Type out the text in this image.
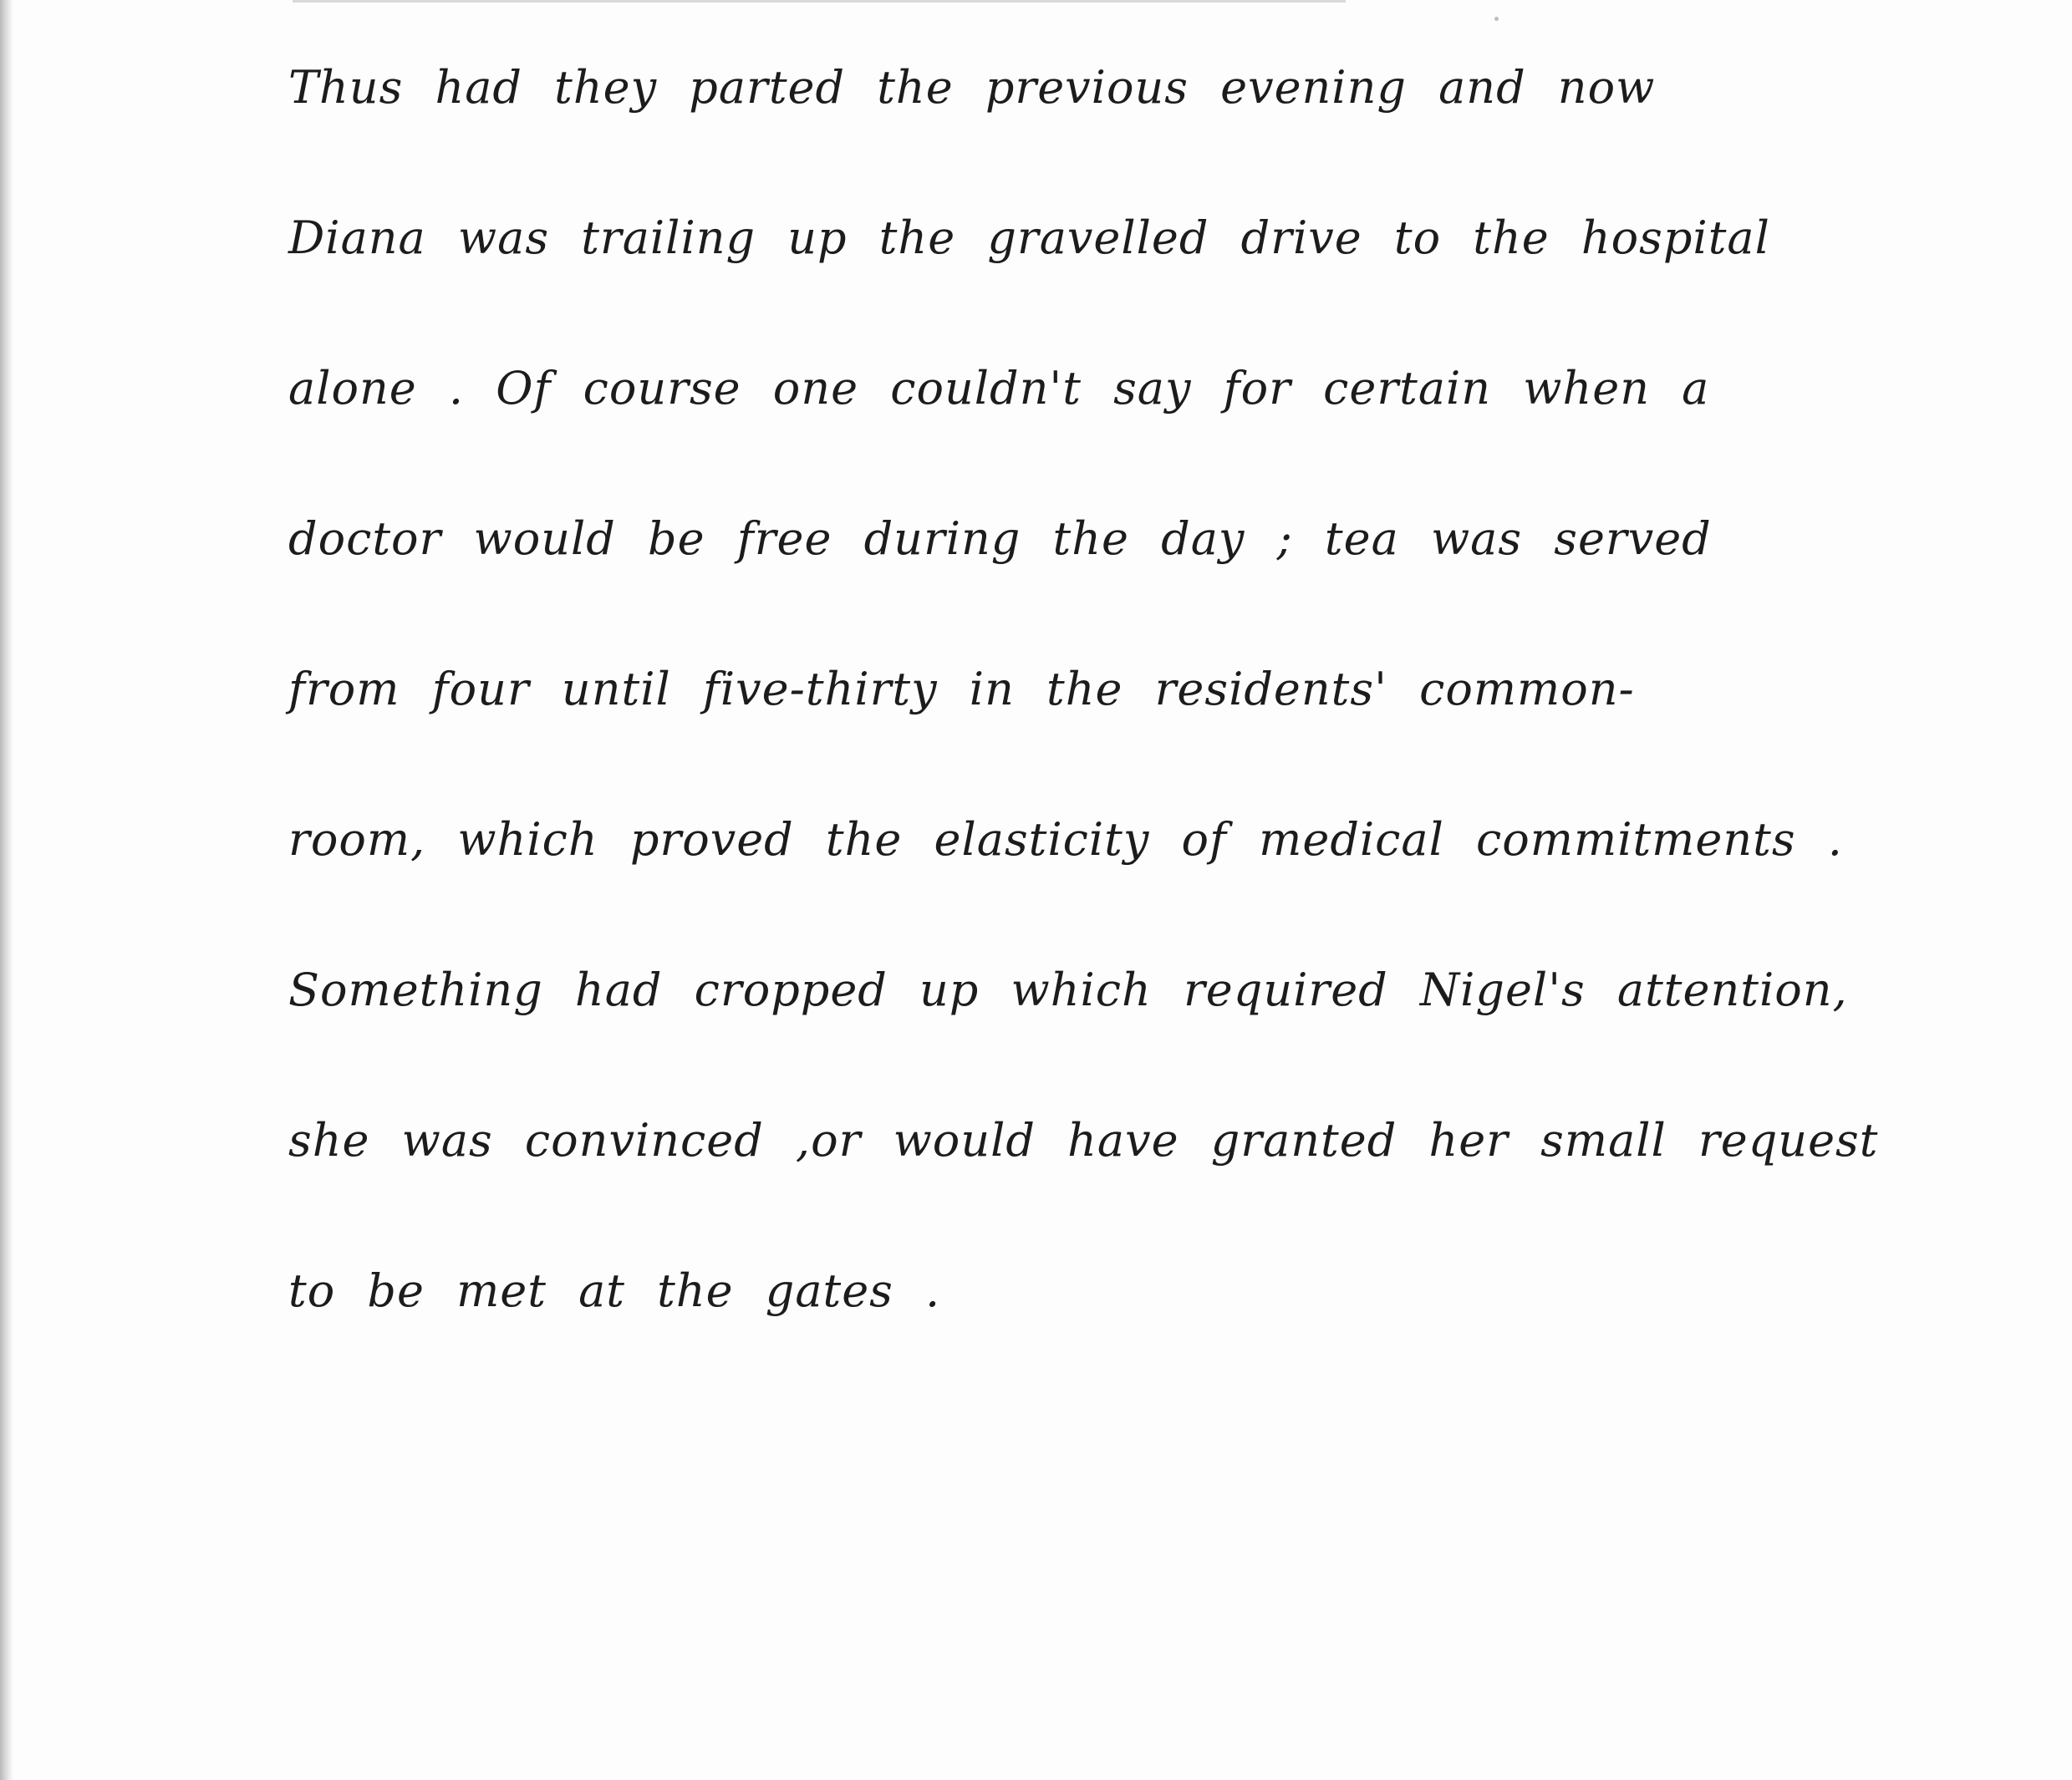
Thus had they parted the previous evening and now

Diana was trailing up the gravelled drive to the hospital

alone . Of course one couldn't say for certain when a

doctor would be free during the day ; tea was served

from four until five-thirty in the residents' common-

room, which proved the elasticity of medical commitments .

Something had cropped up which required Nigel's attention,

she was convinced ,or would have granted her small request

to be met at the gates .
